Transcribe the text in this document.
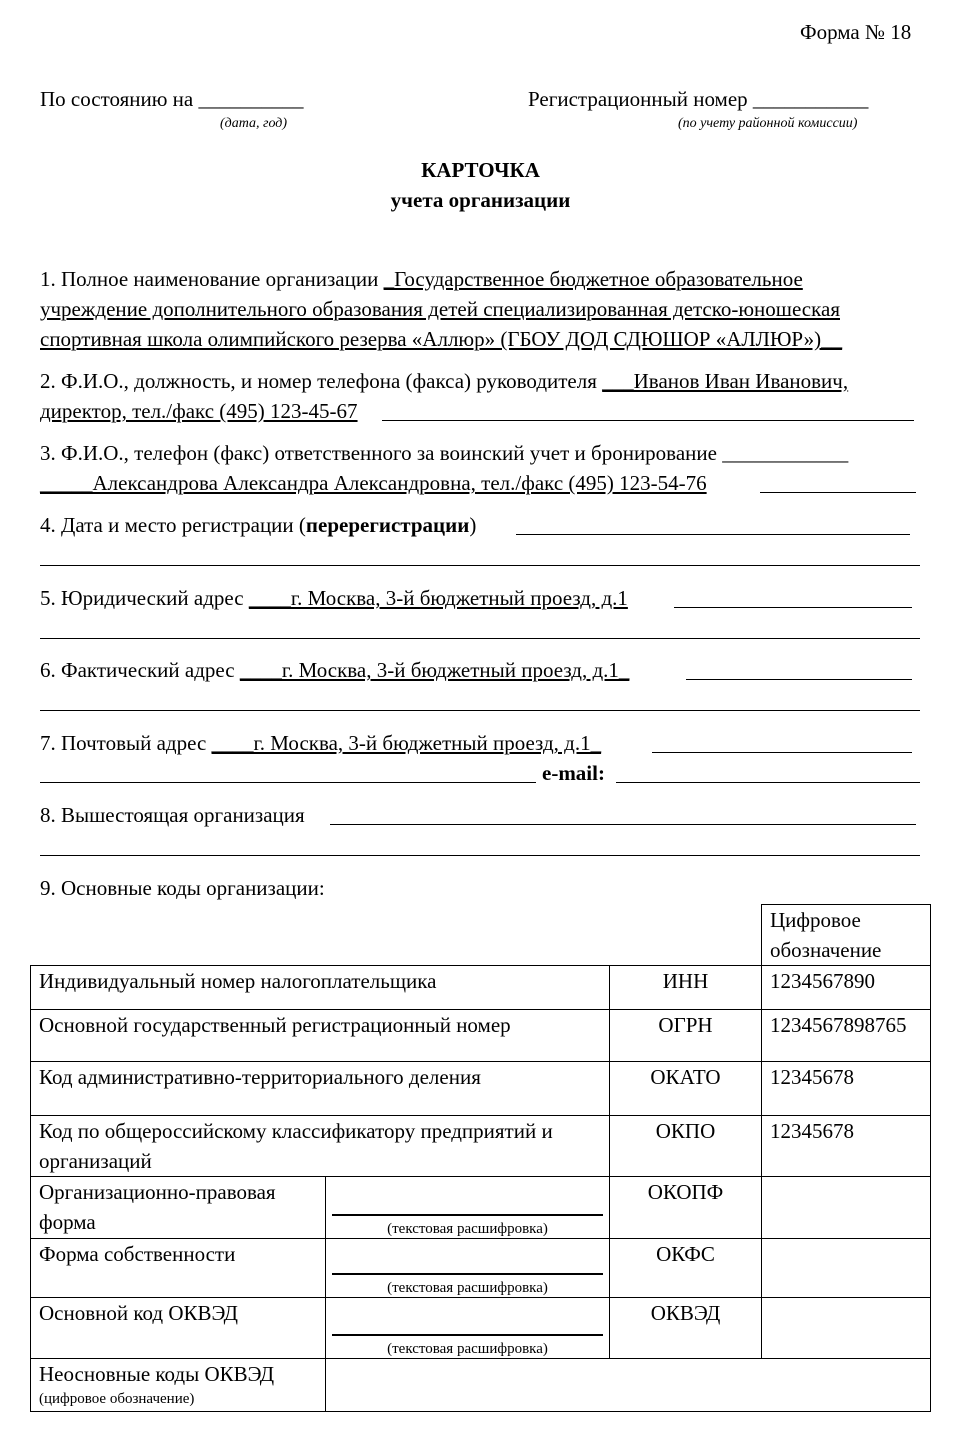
Форма № 18
По состоянию на __________
(дата, год)
Регистрационный номер ___________
(по учету районной комиссии)
КАРТОЧКА
учета организации
1. Полное наименование организации _Государственное бюджетное образовательное
учреждение дополнительного образования детей специализированная детско-юношеская
спортивная школа олимпийского резерва «Аллюр» (ГБОУ ДОД СДЮШОР «АЛЛЮР»)__
2. Ф.И.О., должность, и номер телефона (факса) руководителя ___Иванов Иван Иванович,
директор, тел./факс (495) 123-45-67
3. Ф.И.О., телефон (факс) ответственного за воинский учет и бронирование ____________
_____Александрова Александра Александровна, тел./факс (495) 123-54-76
4. Дата и место регистрации (перерегистрации)
5. Юридический адрес ____г. Москва, 3-й бюджетный проезд, д.1
6. Фактический адрес ____г. Москва, 3-й бюджетный проезд, д.1_
7. Почтовый адрес ____г. Москва, 3-й бюджетный проезд, д.1_
e-mail:
8. Вышестоящая организация
9. Основные коды организации:
			Цифровое обозначение
Индивидуальный номер налогоплательщика		ИНН	1234567890
Основной государственный регистрационный номер		ОГРН	1234567898765
Код административно-территориального деления		ОКАТО	12345678
Код по общероссийскому классификатору предприятий и организаций		ОКПО	12345678
Организационно-правовая форма	(текстовая расшифровка)	ОКОПФ	
Форма собственности	(текстовая расшифровка)	ОКФС	
Основной код ОКВЭД	(текстовая расшифровка)	ОКВЭД	

Неосновные коды ОКВЭД
(цифровое обозначение)			
